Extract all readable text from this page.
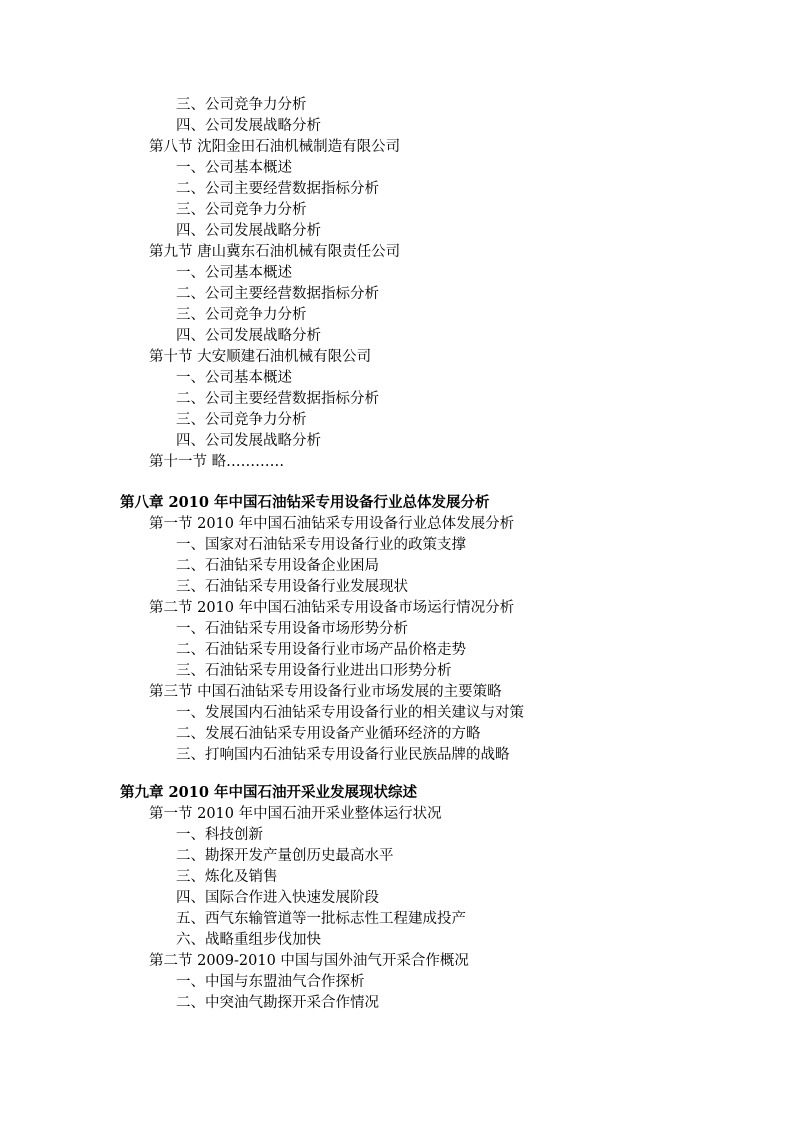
三、公司竞争力分析
四、公司发展战略分析
第八节 沈阳金田石油机械制造有限公司
一、公司基本概述
二、公司主要经营数据指标分析
三、公司竞争力分析
四、公司发展战略分析
第九节 唐山冀东石油机械有限责任公司
一、公司基本概述
二、公司主要经营数据指标分析
三、公司竞争力分析
四、公司发展战略分析
第十节 大安顺建石油机械有限公司
一、公司基本概述
二、公司主要经营数据指标分析
三、公司竞争力分析
四、公司发展战略分析
第十一节 略…………
第八章 2010 年中国石油钻采专用设备行业总体发展分析
第一节 2010 年中国石油钻采专用设备行业总体发展分析
一、国家对石油钻采专用设备行业的政策支撑
二、石油钻采专用设备企业困局
三、石油钻采专用设备行业发展现状
第二节 2010 年中国石油钻采专用设备市场运行情况分析
一、石油钻采专用设备市场形势分析
二、石油钻采专用设备行业市场产品价格走势
三、石油钻采专用设备行业进出口形势分析
第三节 中国石油钻采专用设备行业市场发展的主要策略
一、发展国内石油钻采专用设备行业的相关建议与对策
二、发展石油钻采专用设备产业循环经济的方略
三、打响国内石油钻采专用设备行业民族品牌的战略
第九章 2010 年中国石油开采业发展现状综述
第一节 2010 年中国石油开采业整体运行状况
一、科技创新
二、勘探开发产量创历史最高水平
三、炼化及销售
四、国际合作进入快速发展阶段
五、西气东输管道等一批标志性工程建成投产
六、战略重组步伐加快
第二节 2009-2010 中国与国外油气开采合作概况
一、中国与东盟油气合作探析
二、中突油气勘探开采合作情况
